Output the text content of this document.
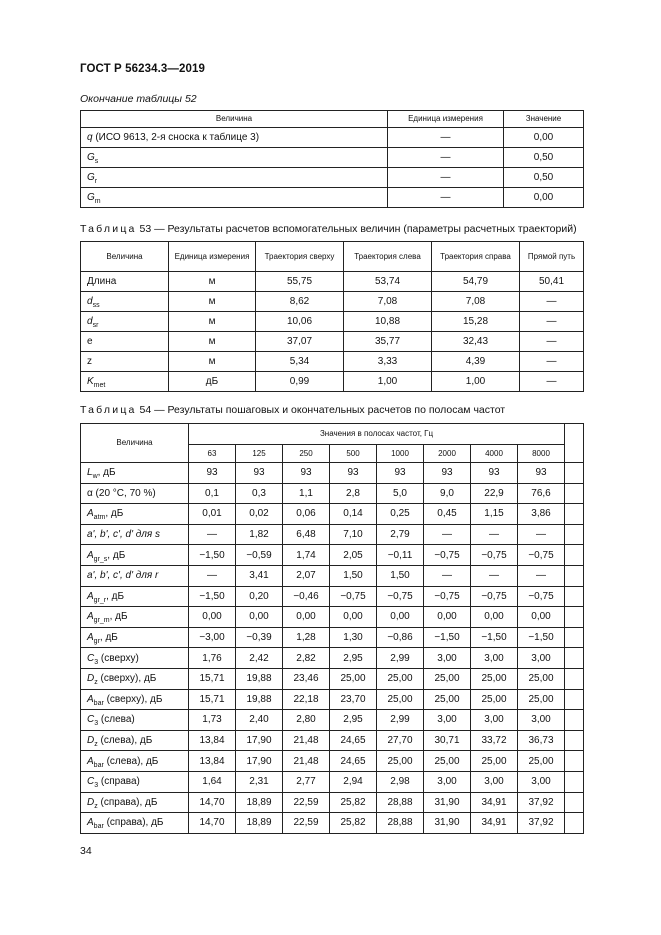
ГОСТ Р 56234.3—2019
Окончание таблицы 52
Величина	Единица измерения	Значение
q (ИСО 9613, 2-я сноска к таблице 3)	—	0,00
$G_s$	—	0,50
$G_r$	—	0,50
$G_m$	—	0,00
Таблица 53 — Результаты расчетов вспомогательных величин (параметры расчетных траекторий)
Величина	Единица измерения	Траектория сверху	Траектория слева	Траектория справа	Прямой путь
Длина	м	55,75	53,74	54,79	50,41
$d_{ss}$	м	8,62	7,08	7,08	—
$d_{sr}$	м	10,06	10,88	15,28	—
e	м	37,07	35,77	32,43	—
z	м	5,34	3,33	4,39	—
$K_{met}$	дБ	0,99	1,00	1,00	—
Таблица 54 — Результаты пошаговых и окончательных расчетов по полосам частот
Величина	Значения в полосах частот, Гц								
	63	125	250	500	1000	2000	4000	8000	
$L_w$, дБ	93	93	93	93	93	93	93	93	
α (20 °C, 70 %)	0,1	0,3	1,1	2,8	5,0	9,0	22,9	76,6	
$A_{atm}$, дБ	0,01	0,02	0,06	0,14	0,25	0,45	1,15	3,86	
a', b', c', d' для s	—	1,82	6,48	7,10	2,79	—	—	—	
$A_{gr\_s}$, дБ	−1,50	−0,59	1,74	2,05	−0,11	−0,75	−0,75	−0,75	
a', b', c', d' для r	—	3,41	2,07	1,50	1,50	—	—	—	
$A_{gr\_r}$, дБ	−1,50	0,20	−0,46	−0,75	−0,75	−0,75	−0,75	−0,75	
$A_{gr\_m}$, дБ	0,00	0,00	0,00	0,00	0,00	0,00	0,00	0,00	
$A_{gr}$, дБ	−3,00	−0,39	1,28	1,30	−0,86	−1,50	−1,50	−1,50	
$C_3$ (сверху)	1,76	2,42	2,82	2,95	2,99	3,00	3,00	3,00	
$D_z$ (сверху), дБ	15,71	19,88	23,46	25,00	25,00	25,00	25,00	25,00	
$A_{bar}$ (сверху), дБ	15,71	19,88	22,18	23,70	25,00	25,00	25,00	25,00	
$C_3$ (слева)	1,73	2,40	2,80	2,95	2,99	3,00	3,00	3,00	
$D_z$ (слева), дБ	13,84	17,90	21,48	24,65	27,70	30,71	33,72	36,73	
$A_{bar}$ (слева), дБ	13,84	17,90	21,48	24,65	25,00	25,00	25,00	25,00	
$C_3$ (справа)	1,64	2,31	2,77	2,94	2,98	3,00	3,00	3,00	
$D_z$ (справа), дБ	14,70	18,89	22,59	25,82	28,88	31,90	34,91	37,92	
$A_{bar}$ (справа), дБ	14,70	18,89	22,59	25,82	28,88	31,90	34,91	37,92	
34
